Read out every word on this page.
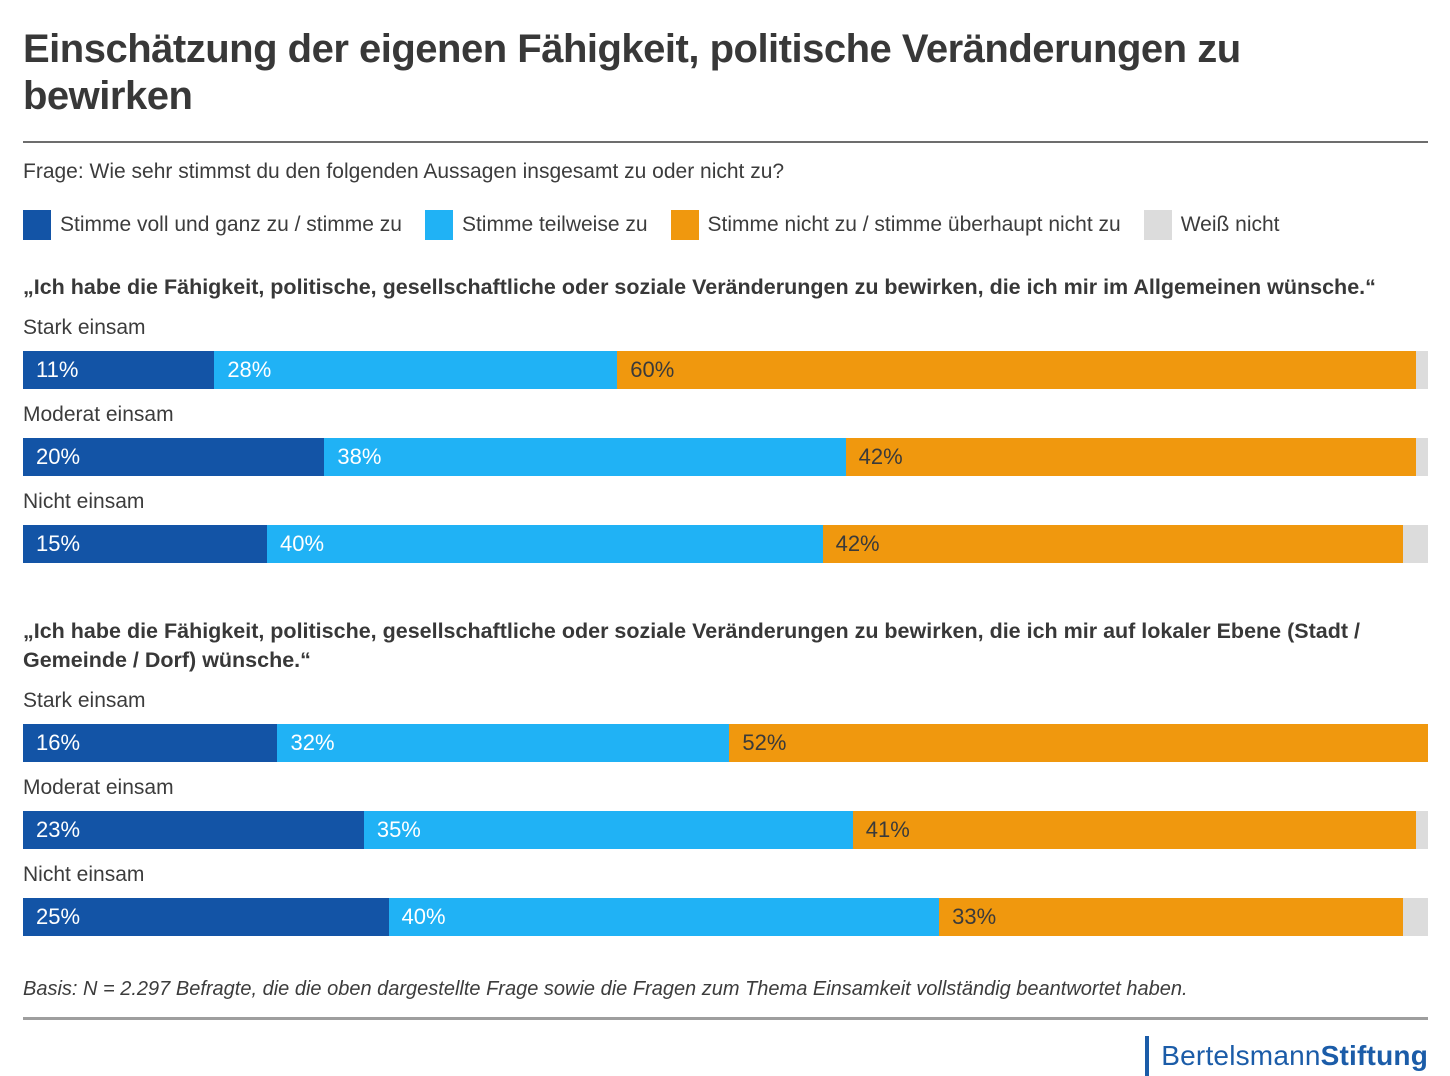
Einschätzung der eigenen Fähigkeit, politische Veränderungen zu bewirken
Frage: Wie sehr stimmst du den folgenden Aussagen insgesamt zu oder nicht zu?
Stimme voll und ganz zu / stimme zu	Stimme teilweise zu	Stimme nicht zu / stimme überhaupt nicht zu	Weiß nicht
„Ich habe die Fähigkeit, politische, gesellschaftliche oder soziale Veränderungen zu bewirken, die ich mir im Allgemeinen wünsche.“
Stark einsam
11%	28%	60%
Moderat einsam
20%	38%	42%
Nicht einsam
15%	40%	42%
„Ich habe die Fähigkeit, politische, gesellschaftliche oder soziale Veränderungen zu bewirken, die ich mir auf lokaler Ebene (Stadt / Gemeinde / Dorf) wünsche.“
Stark einsam
16%	32%	52%
Moderat einsam
23%	35%	41%
Nicht einsam
25%	40%	33%
Basis: N = 2.297 Befragte, die die oben dargestellte Frage sowie die Fragen zum Thema Einsamkeit vollständig beantwortet haben.
BertelsmannStiftung
